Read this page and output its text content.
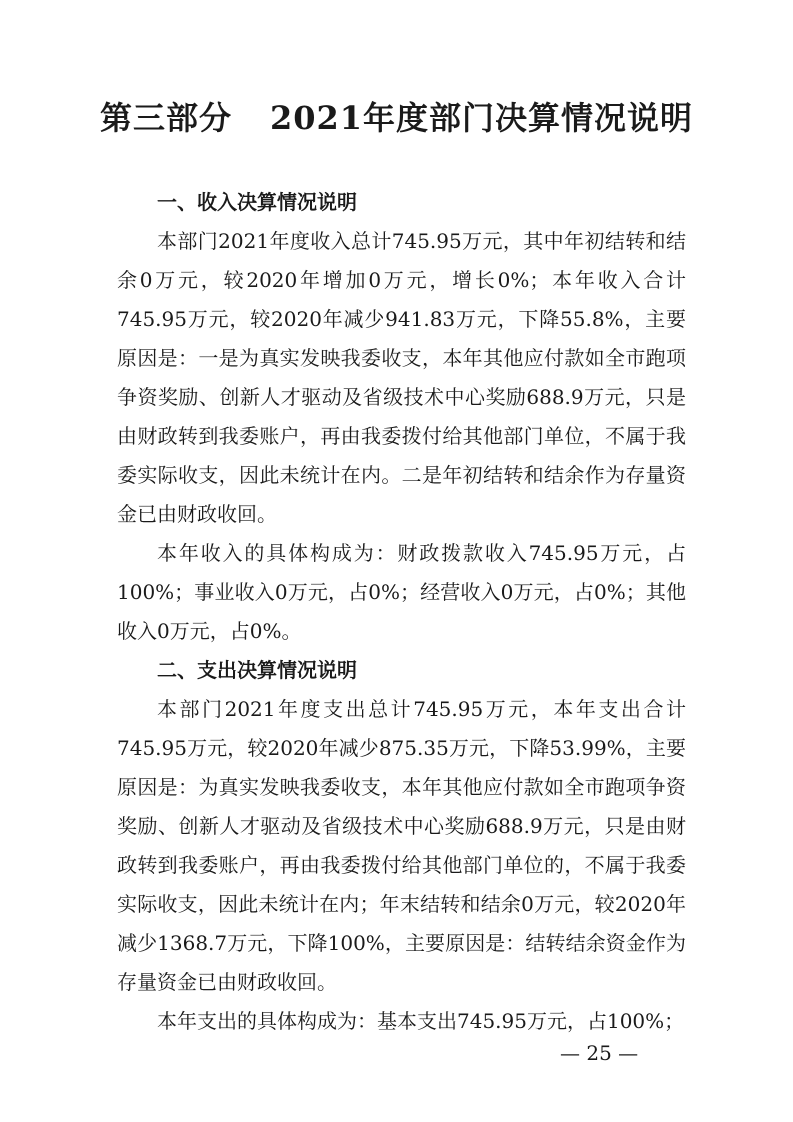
第三部分 2021年度部门决算情况说明
一、收入决算情况说明

本部门2021年度收入总计745.95万元，其中年初结转和结余0万元，较2020年增加0万元，增长0%；本年收入合计745.95万元，较2020年减少941.83万元，下降55.8%，主要原因是：一是为真实发映我委收支，本年其他应付款如全市跑项争资奖励、创新人才驱动及省级技术中心奖励688.9万元，只是由财政转到我委账户，再由我委拨付给其他部门单位，不属于我委实际收支，因此未统计在内。二是年初结转和结余作为存量资金已由财政收回。

本年收入的具体构成为：财政拨款收入745.95万元，占100%；事业收入0万元，占0%；经营收入0万元，占0%；其他收入0万元，占0%。

二、支出决算情况说明

本部门2021年度支出总计745.95万元，本年支出合计745.95万元，较2020年减少875.35万元，下降53.99%，主要原因是：为真实发映我委收支，本年其他应付款如全市跑项争资奖励、创新人才驱动及省级技术中心奖励688.9万元，只是由财政转到我委账户，再由我委拨付给其他部门单位的，不属于我委实际收支，因此未统计在内；年末结转和结余0万元，较2020年减少1368.7万元，下降100%，主要原因是：结转结余资金作为存量资金已由财政收回。

本年支出的具体构成为：基本支出745.95万元，占100%；

— 25 —
